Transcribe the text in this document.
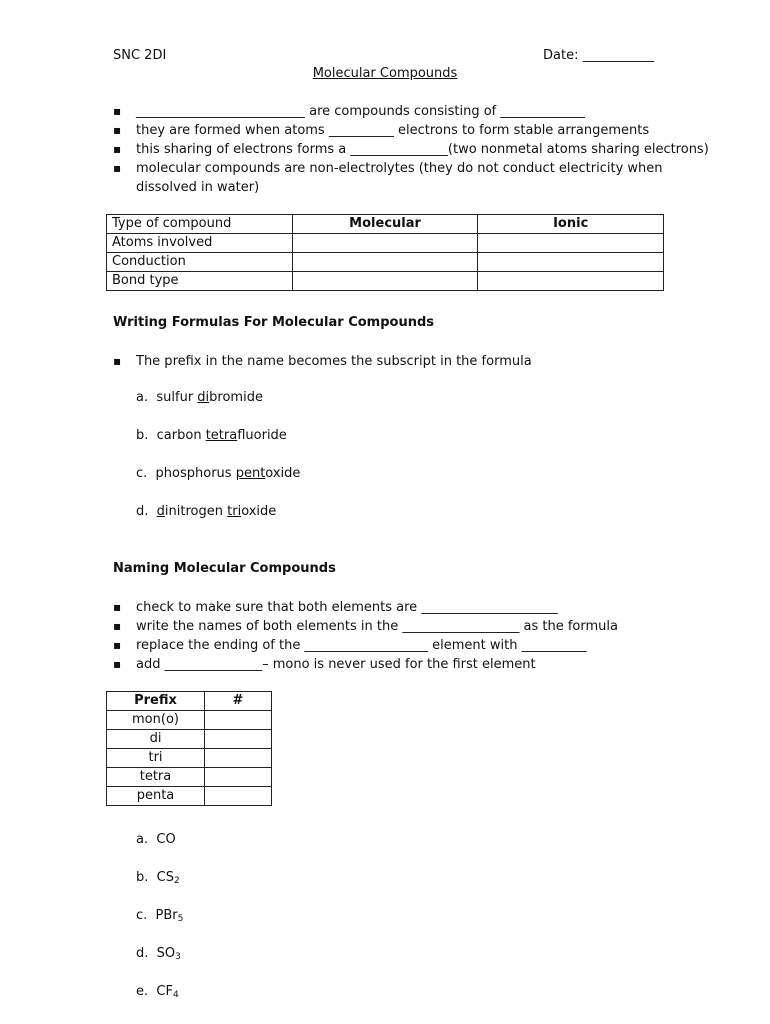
SNC 2DI	Date: ___________
Molecular Compounds
▪ __________________________ are compounds consisting of _____________
▪ they are formed when atoms __________ electrons to form stable arrangements
▪ this sharing of electrons forms a _______________(two nonmetal atoms sharing electrons)
▪ molecular compounds are non-electrolytes (they do not conduct electricity when dissolved in water)
Type of compound	Molecular	Ionic
Atoms involved		
Conduction		
Bond type		
Writing Formulas For Molecular Compounds
▪ The prefix in the name becomes the subscript in the formula
a. sulfur dibromide
b. carbon tetrafluoride
c. phosphorus pentoxide
d. dinitrogen trioxide
Naming Molecular Compounds
▪ check to make sure that both elements are _____________________
▪ write the names of both elements in the __________________ as the formula
▪ replace the ending of the ___________________ element with __________
▪ add _______________– mono is never used for the first element
Prefix	#
mon(o)	
di	
tri	
tetra	
penta	
a. CO
b. $CS_2$
c. PBr$_5$
d. $SO_3$
e. $CF_4$
